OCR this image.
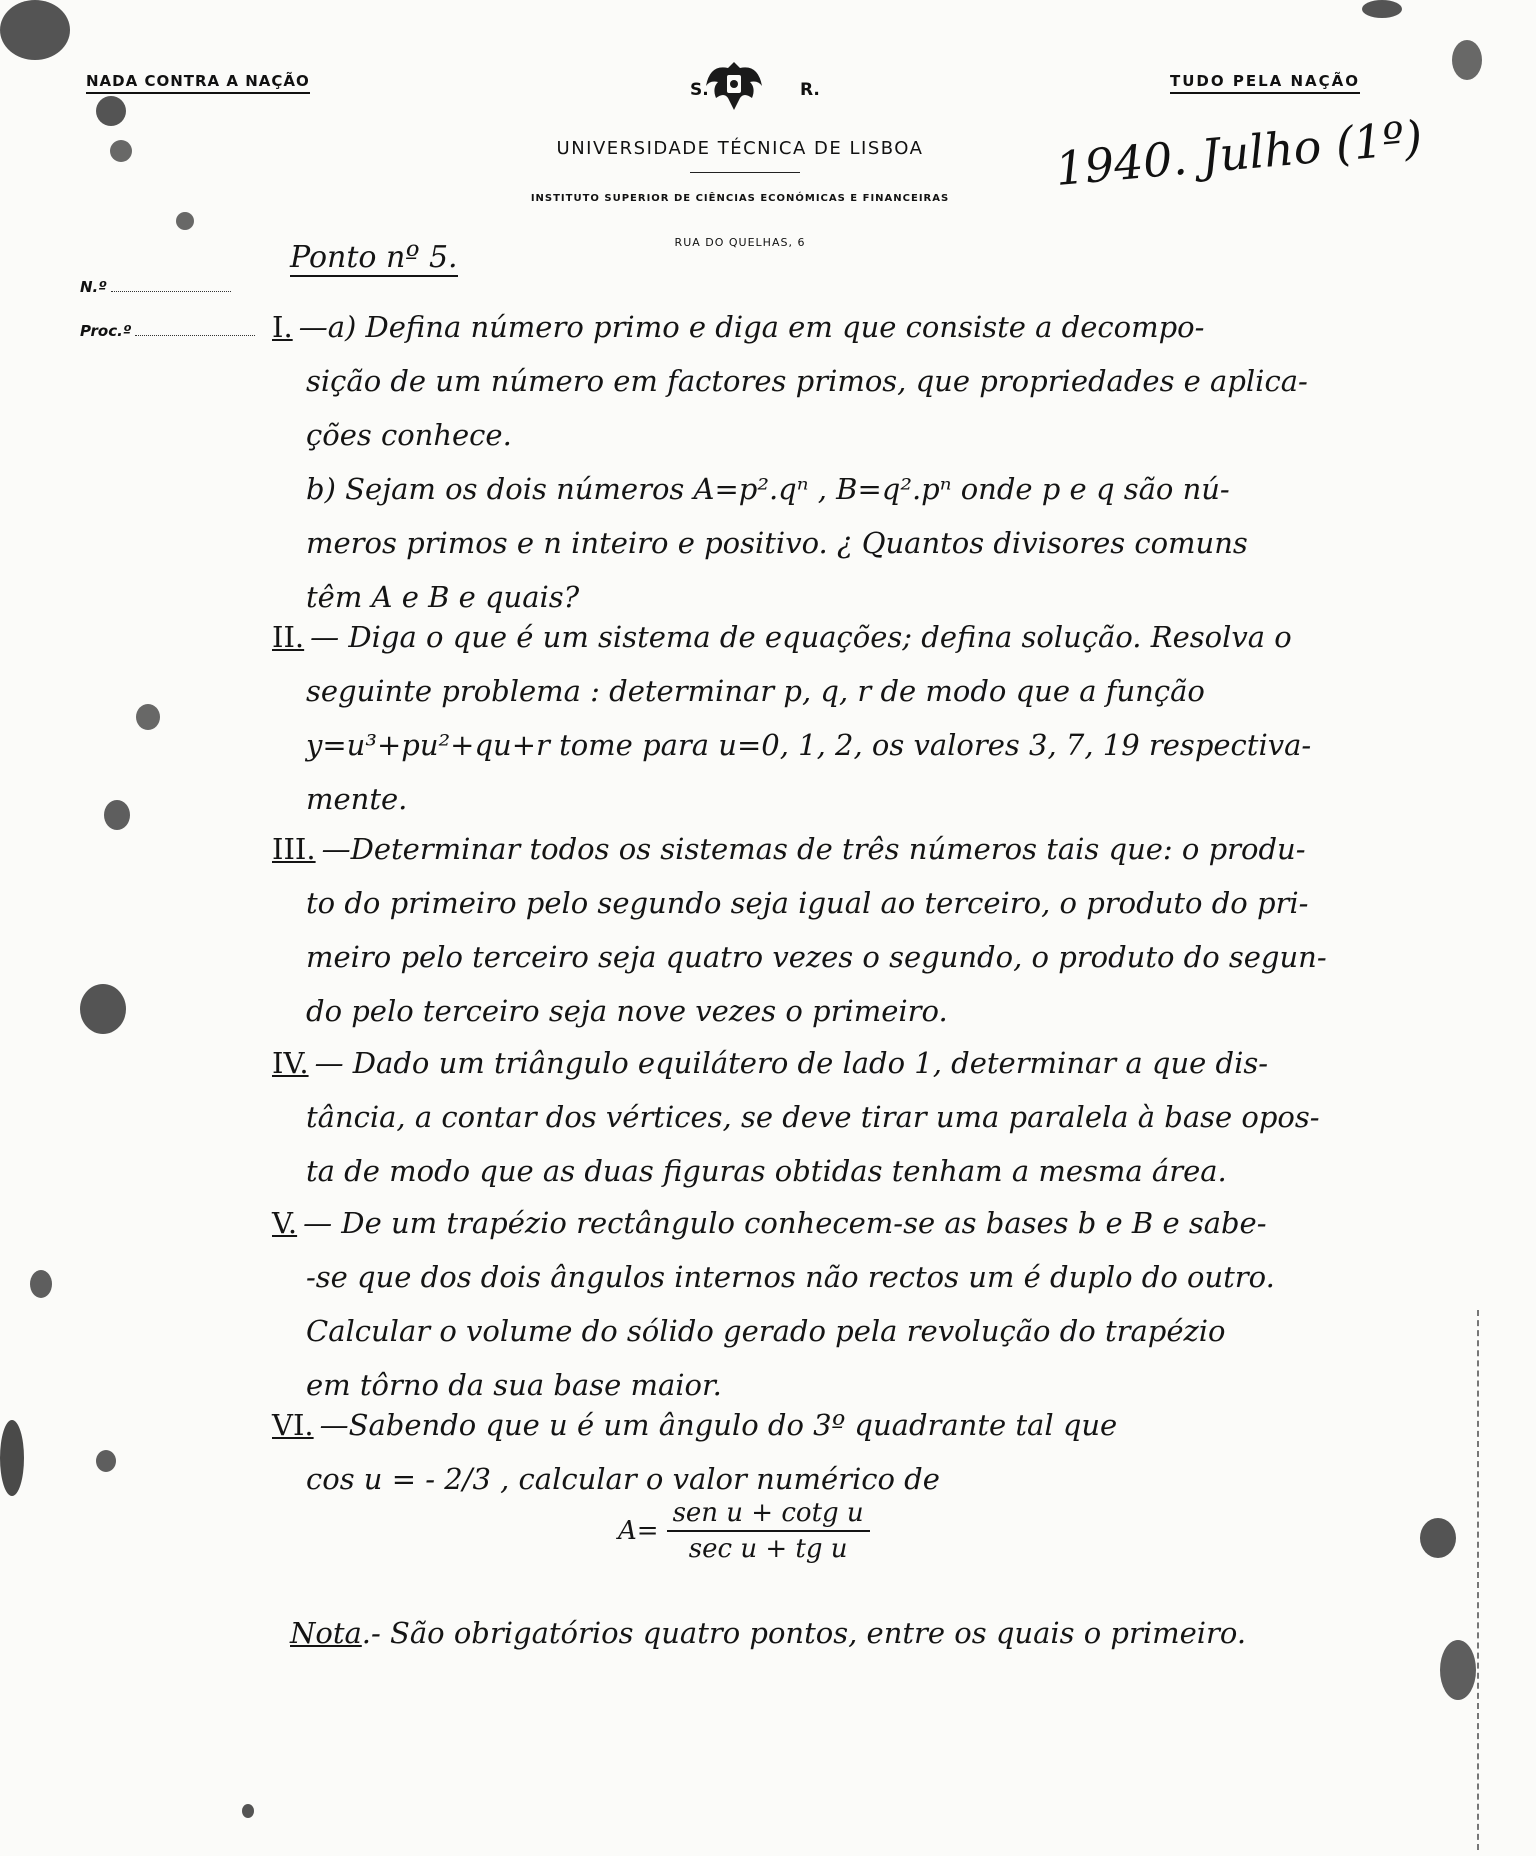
NADA CONTRA A NAÇÃO	TUDO PELA NAÇÃO
S.	R.
UNIVERSIDADE TÉCNICA DE LISBOA
INSTITUTO SUPERIOR DE CIÊNCIAS ECONÓMICAS E FINANCEIRAS
RUA DO QUELHAS, 6
1940. Julho (1º)
N.º
Proc.º
Ponto nº 5.
I. —a) Defina número primo e diga em que consiste a decompo-
sição de um número em factores primos, que propriedades e aplica-
ções conhece.
b) Sejam os dois números A=p².qⁿ , B=q².pⁿ onde p e q são nú-
meros primos e n inteiro e positivo. ¿ Quantos divisores comuns
têm A e B e quais?
II. — Diga o que é um sistema de equações; defina solução. Resolva o
seguinte problema : determinar p, q, r de modo que a função
y=u³+pu²+qu+r tome para u=0, 1, 2, os valores 3, 7, 19 respectiva-
mente.
III. —Determinar todos os sistemas de três números tais que: o produ-
to do primeiro pelo segundo seja igual ao terceiro, o produto do pri-
meiro pelo terceiro seja quatro vezes o segundo, o produto do segun-
do pelo terceiro seja nove vezes o primeiro.
IV. — Dado um triângulo equilátero de lado 1, determinar a que dis-
tância, a contar dos vértices, se deve tirar uma paralela à base opos-
ta de modo que as duas figuras obtidas tenham a mesma área.
V. — De um trapézio rectângulo conhecem-se as bases b e B e sabe-
-se que dos dois ângulos internos não rectos um é duplo do outro.
Calcular o volume do sólido gerado pela revolução do trapézio
em tôrno da sua base maior.
VI. —Sabendo que u é um ângulo do 3º quadrante tal que
cos u = - 2/3 , calcular o valor numérico de
$A= \frac{\text{sen u + cotg u}}{\text{sec u + tg u}}$
Nota.- São obrigatórios quatro pontos, entre os quais o primeiro.
